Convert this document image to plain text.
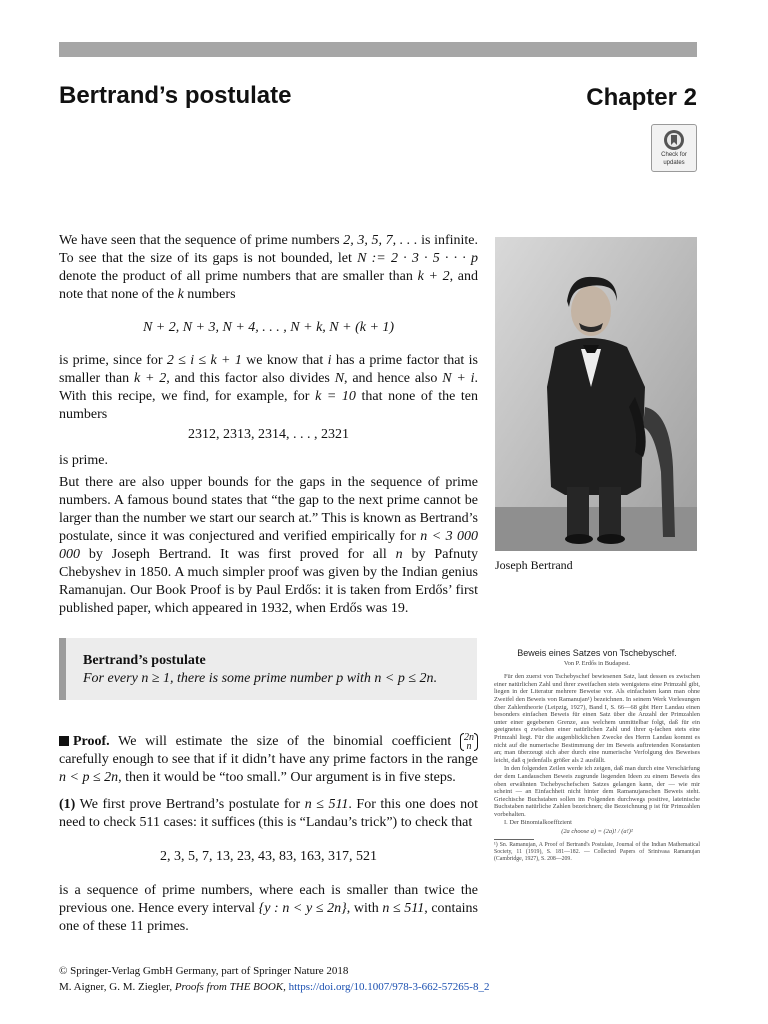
Bertrand’s postulate	Chapter 2
Check for
updates

We have seen that the sequence of prime numbers 2, 3, 5, 7, . . . is infinite. To see that the size of its gaps is not bounded, let N := 2 · 3 · 5 · · · p denote the product of all prime numbers that are smaller than k + 2, and note that none of the k numbers

N + 2, N + 3, N + 4, . . . , N + k, N + (k + 1)

is prime, since for 2 ≤ i ≤ k + 1 we know that i has a prime factor that is smaller than k + 2, and this factor also divides N, and hence also N + i. With this recipe, we find, for example, for k = 10 that none of the ten numbers

2312, 2313, 2314, . . . , 2321

is prime.

But there are also upper bounds for the gaps in the sequence of prime numbers. A famous bound states that “the gap to the next prime cannot be larger than the number we start our search at.” This is known as Bertrand’s postulate, since it was conjectured and verified empirically for n < 3 000 000 by Joseph Bertrand. It was first proved for all n by Pafnuty Chebyshev in 1850. A much simpler proof was given by the Indian genius Ramanujan. Our Book Proof is by Paul Erdős: it is taken from Erdős’ first published paper, which appeared in 1932, when Erdős was 19.

Bertrand’s postulate
For every n ≥ 1, there is some prime number p with n < p ≤ 2n.

Proof. We will estimate the size of the binomial coefficient 2n
n
carefully enough to see that if it didn’t have any prime factors in the range n < p ≤ 2n, then it would be “too small.” Our argument is in five steps.

(1) We first prove Bertrand’s postulate for n ≤ 511. For this one does not need to check 511 cases: it suffices (this is “Landau’s trick”) to check that

2, 3, 5, 7, 13, 23, 43, 83, 163, 317, 521

is a sequence of prime numbers, where each is smaller than twice the previous one. Hence every interval {y : n < y ≤ 2n}, with n ≤ 511, contains one of these 11 primes.

Joseph Bertrand
Beweis eines Satzes von Tschebyschef.
Von P. Erdős in Budapest.

Für den zuerst von Tschebyschef bewiesenen Satz, laut dessen es zwischen einer natürlichen Zahl und ihrer zweifachen stets wenigstens eine Primzahl gibt, liegen in der Literatur mehrere Beweise vor. Als einfachsten kann man ohne Zweifel den Beweis von Ramanujan¹) bezeichnen. In seinem Werk Vorlesungen über Zahlentheorie (Leipzig, 1927), Band I, S. 66—68 gibt Herr Landau einen besonders einfachen Beweis für einen Satz über die Anzahl der Primzahlen unter einer gegebenen Grenze, aus welchem unmittelbar folgt, daß für ein geeignetes q zwischen einer natürlichen Zahl und ihrer q-fachen stets eine Primzahl liegt. Für die augenblicklichen Zwecke des Herrn Landau kommt es nicht auf die numerische Bestimmung der im Beweis auftretenden Konstanten an; man überzeugt sich aber durch eine numerische Verfolgung des Beweises leicht, daß q jedenfalls größer als 2 ausfällt.

In den folgenden Zeilen werde ich zeigen, daß man durch eine Verschärfung der dem Landauschen Beweis zugrunde liegenden Ideen zu einem Beweis des oben erwähnten Tschebyschefschen Satzes gelangen kann, der — wie mir scheint — an Einfachheit nicht hinter dem Ramanujanschen Beweis steht. Griechische Buchstaben sollen im Folgenden durchwegs positive, lateinische Buchstaben natürliche Zahlen bezeichnen; die Bezeichnung p ist für Primzahlen vorbehalten.

I. Der Binomialkoeffizient

(2a choose a) = (2a)! / (a!)²
¹) Sn. Ramanujan, A Proof of Bertrand's Postulate, Journal of the Indian Mathematical Society, 11 (1919), S. 181—182. — Collected Papers of Srinivasa Ramanujan (Cambridge, 1927), S. 208—209.
© Springer-Verlag GmbH Germany, part of Springer Nature 2018
M. Aigner, G. M. Ziegler, Proofs from THE BOOK, https://doi.org/10.1007/978-3-662-57265-8_2
